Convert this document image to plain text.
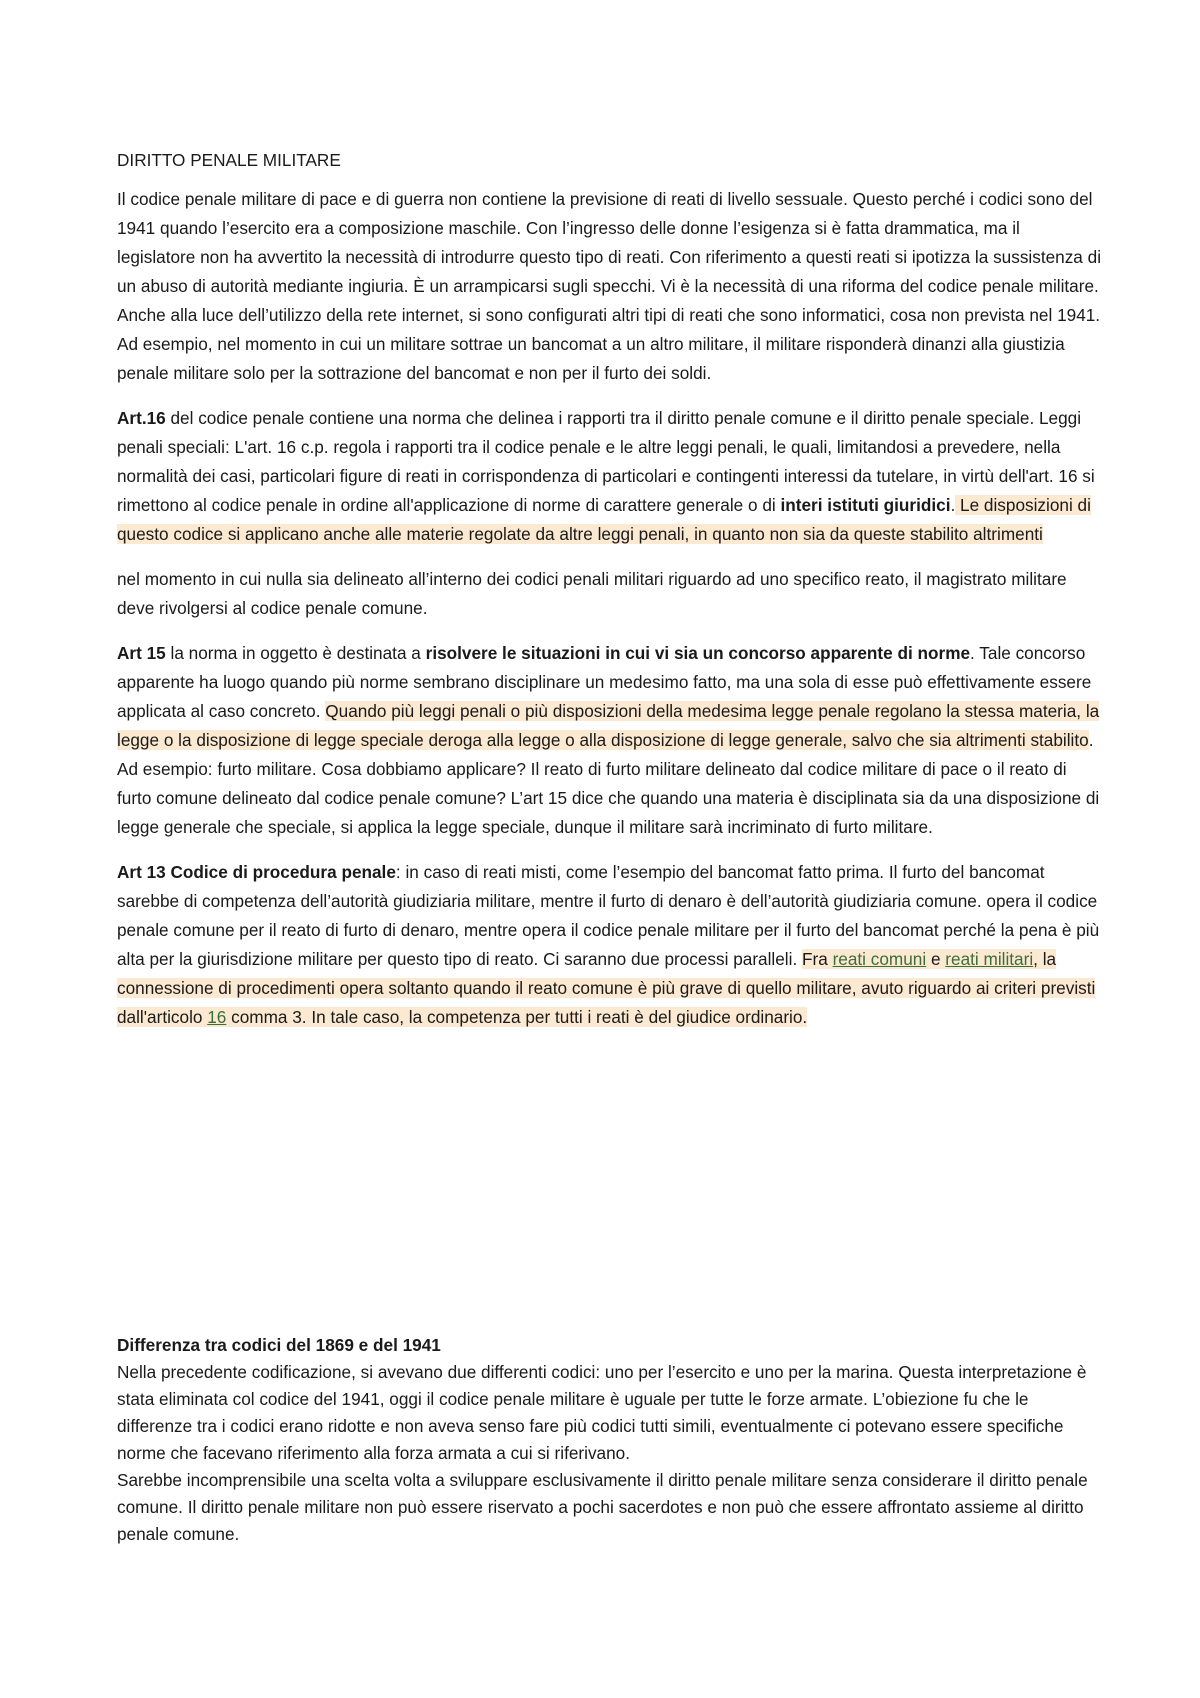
DIRITTO PENALE MILITARE

Il codice penale militare di pace e di guerra non contiene la previsione di reati di livello sessuale. Questo perché i codici sono del 1941 quando l’esercito era a composizione maschile. Con l’ingresso delle donne l’esigenza si è fatta drammatica, ma il legislatore non ha avvertito la necessità di introdurre questo tipo di reati. Con riferimento a questi reati si ipotizza la sussistenza di un abuso di autorità mediante ingiuria. È un arrampicarsi sugli specchi. Vi è la necessità di una riforma del codice penale militare. Anche alla luce dell’utilizzo della rete internet, si sono configurati altri tipi di reati che sono informatici, cosa non prevista nel 1941. Ad esempio, nel momento in cui un militare sottrae un bancomat a un altro militare, il militare risponderà dinanzi alla giustizia penale militare solo per la sottrazione del bancomat e non per il furto dei soldi.

Art.16 del codice penale contiene una norma che delinea i rapporti tra il diritto penale comune e il diritto penale speciale. Leggi penali speciali: L'art. 16 c.p. regola i rapporti tra il codice penale e le altre leggi penali, le quali, limitandosi a prevedere, nella normalità dei casi, particolari figure di reati in corrispondenza di particolari e contingenti interessi da tutelare, in virtù dell'art. 16 si rimettono al codice penale in ordine all'applicazione di norme di carattere generale o di interi istituti giuridici. Le disposizioni di questo codice si applicano anche alle materie regolate da altre leggi penali, in quanto non sia da queste stabilito altrimenti

nel momento in cui nulla sia delineato all’interno dei codici penali militari riguardo ad uno specifico reato, il magistrato militare deve rivolgersi al codice penale comune.

Art 15 la norma in oggetto è destinata a risolvere le situazioni in cui vi sia un concorso apparente di norme. Tale concorso apparente ha luogo quando più norme sembrano disciplinare un medesimo fatto, ma una sola di esse può effettivamente essere applicata al caso concreto. Quando più leggi penali o più disposizioni della medesima legge penale regolano la stessa materia, la legge o la disposizione di legge speciale deroga alla legge o alla disposizione di legge generale, salvo che sia altrimenti stabilito. Ad esempio: furto militare. Cosa dobbiamo applicare? Il reato di furto militare delineato dal codice militare di pace o il reato di furto comune delineato dal codice penale comune? L’art 15 dice che quando una materia è disciplinata sia da una disposizione di legge generale che speciale, si applica la legge speciale, dunque il militare sarà incriminato di furto militare.

Art 13 Codice di procedura penale: in caso di reati misti, come l’esempio del bancomat fatto prima. Il furto del bancomat sarebbe di competenza dell’autorità giudiziaria militare, mentre il furto di denaro è dell’autorità giudiziaria comune. opera il codice penale comune per il reato di furto di denaro, mentre opera il codice penale militare per il furto del bancomat perché la pena è più alta per la giurisdizione militare per questo tipo di reato. Ci saranno due processi paralleli. Fra reati comuni e reati militari, la connessione di procedimenti opera soltanto quando il reato comune è più grave di quello militare, avuto riguardo ai criteri previsti dall'articolo 16 comma 3. In tale caso, la competenza per tutti i reati è del giudice ordinario.

Differenza tra codici del 1869 e del 1941

Nella precedente codificazione, si avevano due differenti codici: uno per l’esercito e uno per la marina. Questa interpretazione è stata eliminata col codice del 1941, oggi il codice penale militare è uguale per tutte le forze armate. L’obiezione fu che le differenze tra i codici erano ridotte e non aveva senso fare più codici tutti simili, eventualmente ci potevano essere specifiche norme che facevano riferimento alla forza armata a cui si riferivano.

Sarebbe incomprensibile una scelta volta a sviluppare esclusivamente il diritto penale militare senza considerare il diritto penale comune. Il diritto penale militare non può essere riservato a pochi sacerdotes e non può che essere affrontato assieme al diritto penale comune.
